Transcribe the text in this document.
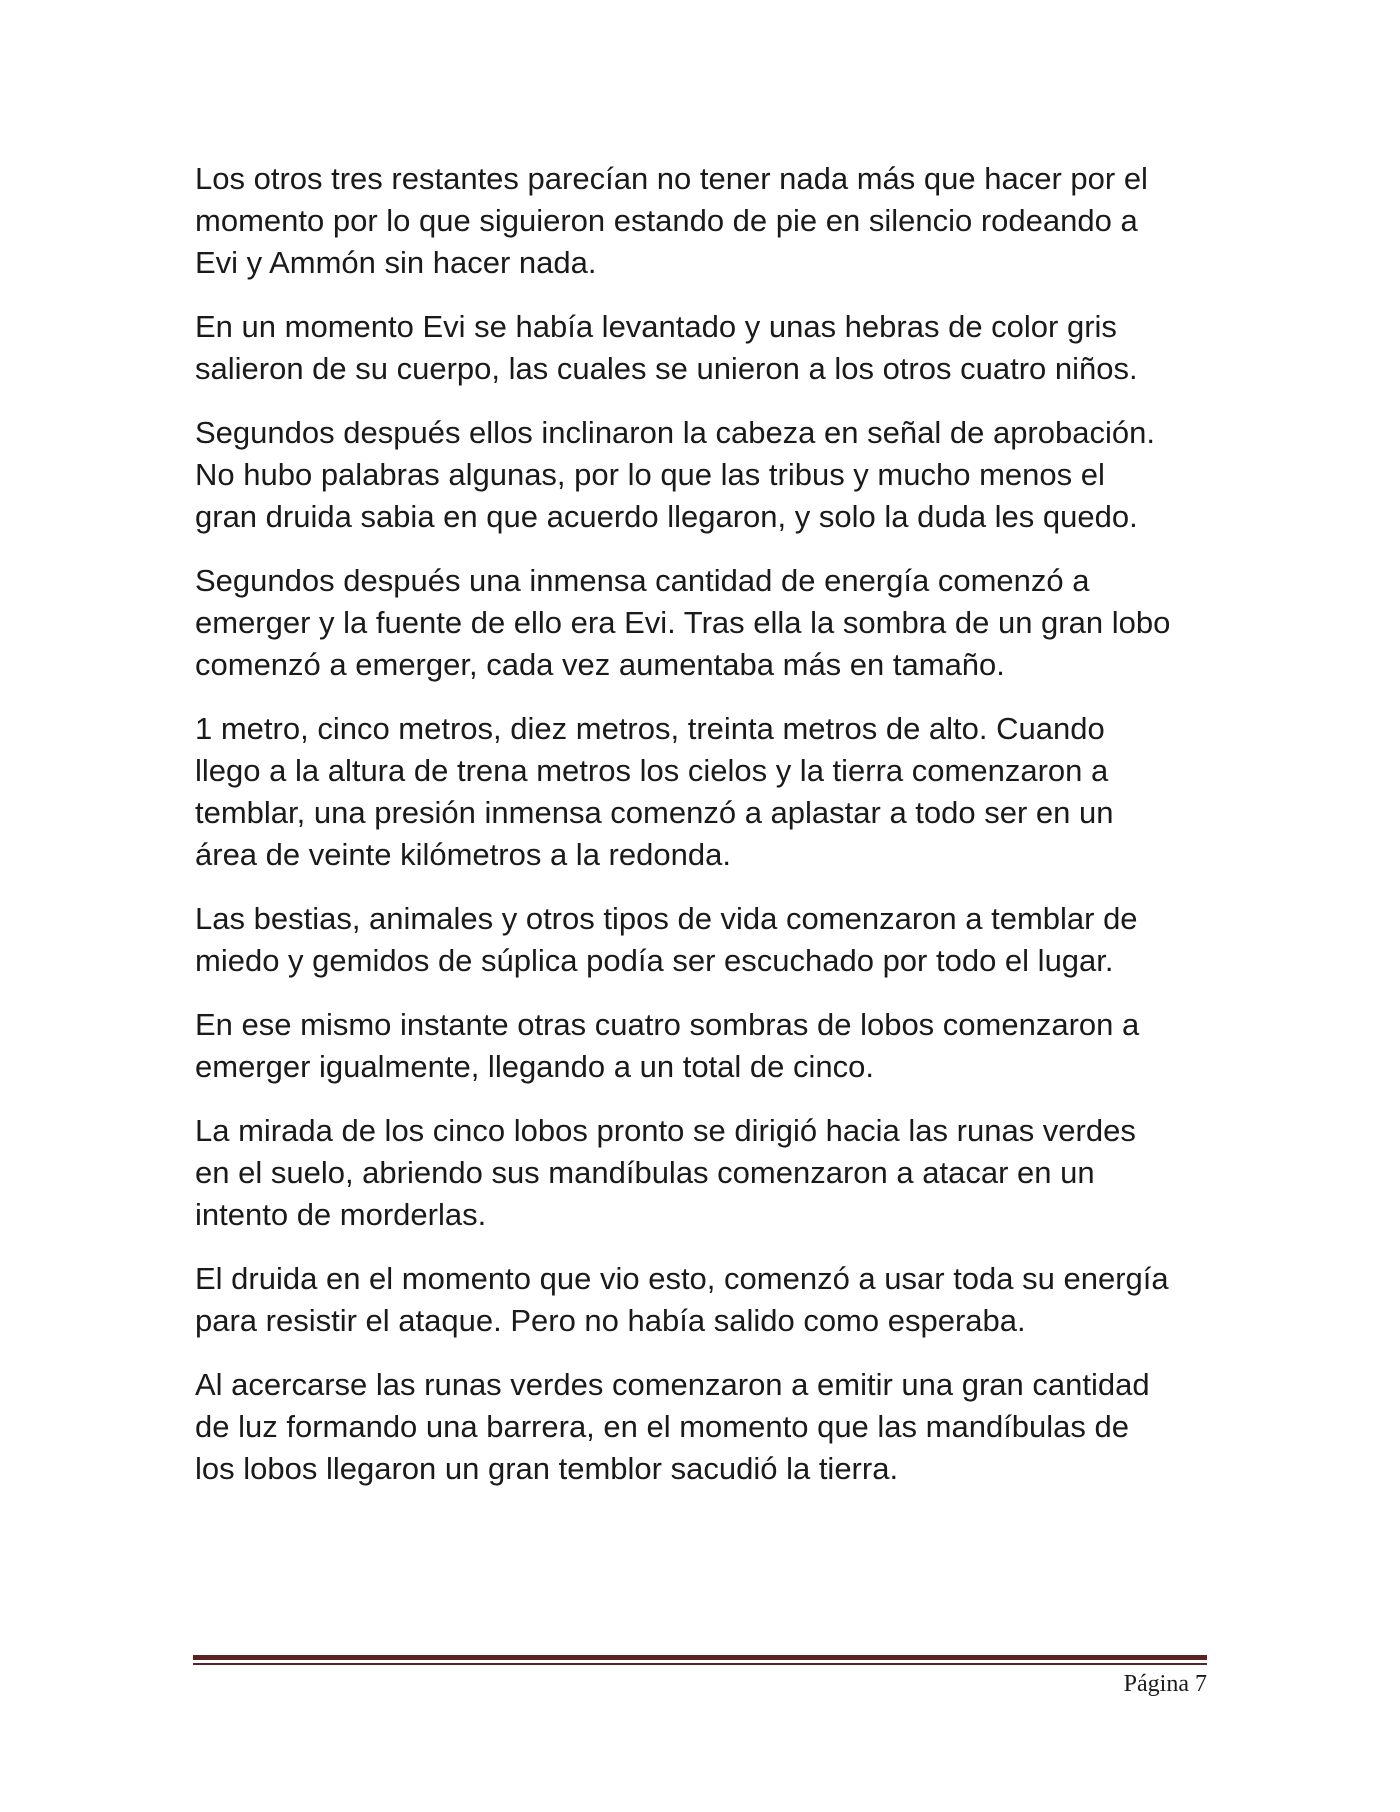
Los otros tres restantes parecían no tener nada más que hacer por el
momento por lo que siguieron estando de pie en silencio rodeando a
Evi y Ammón sin hacer nada.

En un momento Evi se había levantado y unas hebras de color gris
salieron de su cuerpo, las cuales se unieron a los otros cuatro niños.

Segundos después ellos inclinaron la cabeza en señal de aprobación.
No hubo palabras algunas, por lo que las tribus y mucho menos el
gran druida sabia en que acuerdo llegaron, y solo la duda les quedo.

Segundos después una inmensa cantidad de energía comenzó a
emerger y la fuente de ello era Evi. Tras ella la sombra de un gran lobo
comenzó a emerger, cada vez aumentaba más en tamaño.

1 metro, cinco metros, diez metros, treinta metros de alto. Cuando
llego a la altura de trena metros los cielos y la tierra comenzaron a
temblar, una presión inmensa comenzó a aplastar a todo ser en un
área de veinte kilómetros a la redonda.

Las bestias, animales y otros tipos de vida comenzaron a temblar de
miedo y gemidos de súplica podía ser escuchado por todo el lugar.

En ese mismo instante otras cuatro sombras de lobos comenzaron a
emerger igualmente, llegando a un total de cinco.

La mirada de los cinco lobos pronto se dirigió hacia las runas verdes
en el suelo, abriendo sus mandíbulas comenzaron a atacar en un
intento de morderlas.

El druida en el momento que vio esto, comenzó a usar toda su energía
para resistir el ataque. Pero no había salido como esperaba.

Al acercarse las runas verdes comenzaron a emitir una gran cantidad
de luz formando una barrera, en el momento que las mandíbulas de
los lobos llegaron un gran temblor sacudió la tierra.

Página 7
